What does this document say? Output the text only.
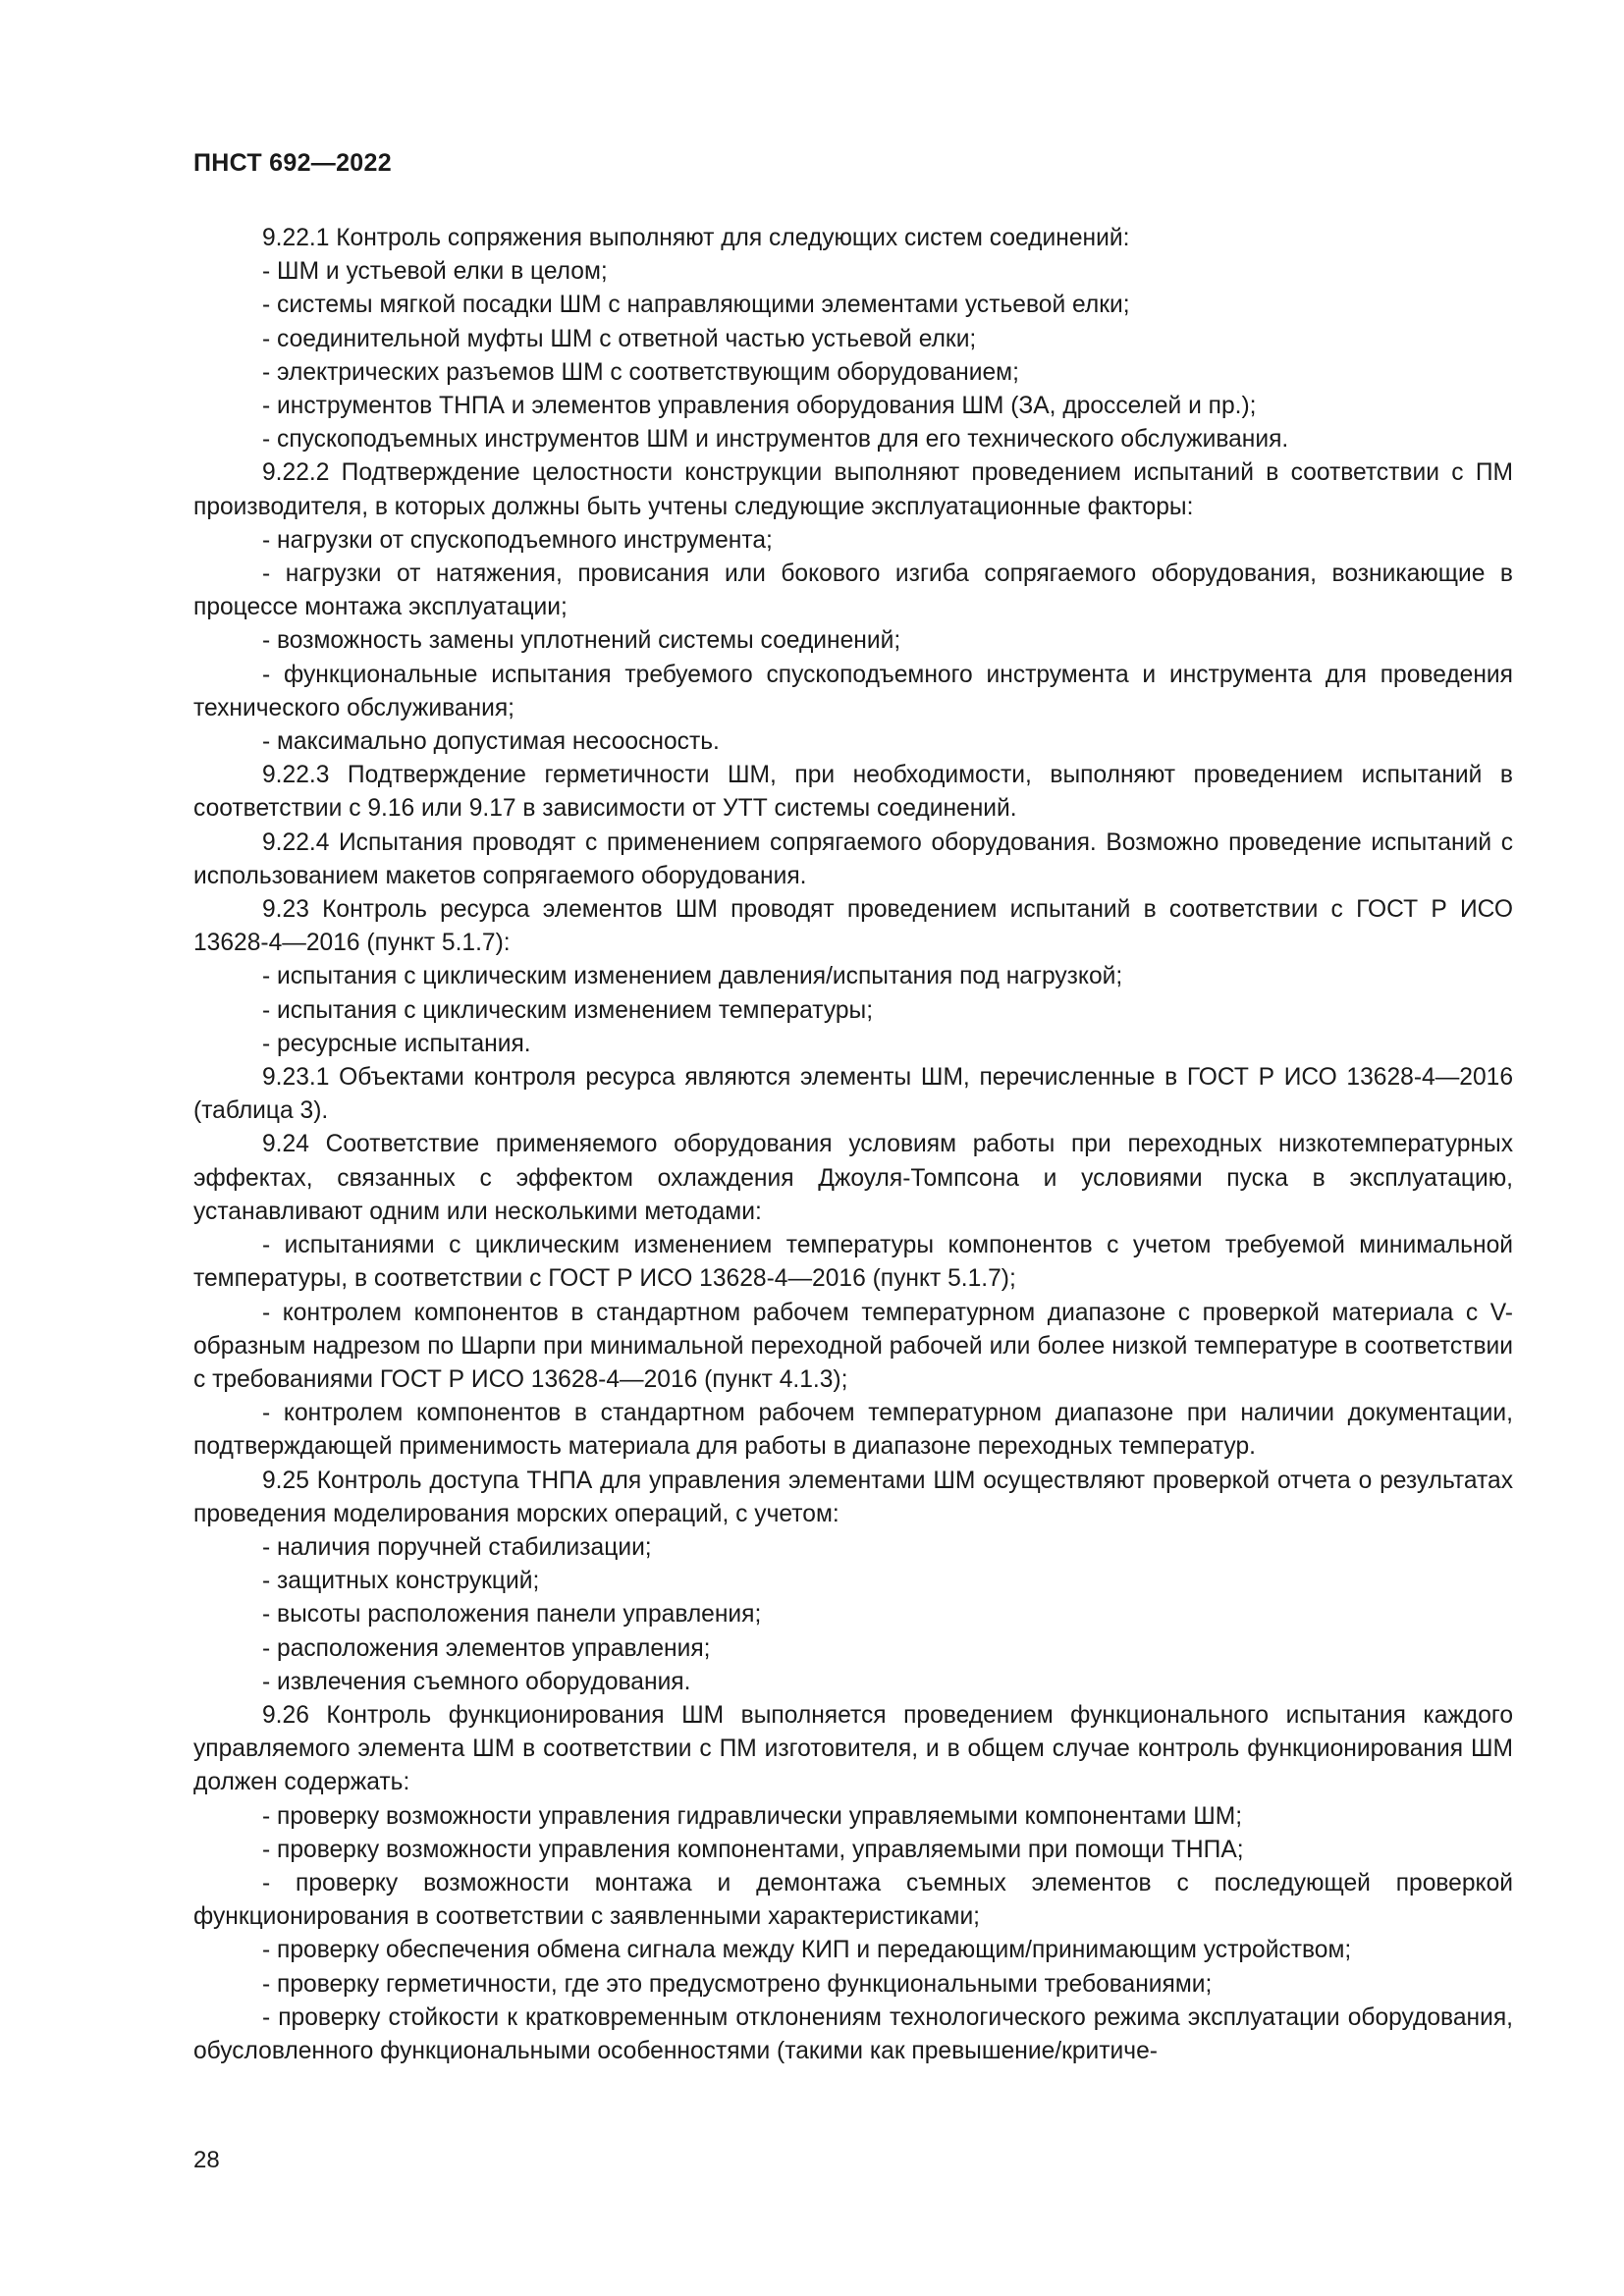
ПНСТ 692—2022

9.22.1 Контроль сопряжения выполняют для следующих систем соединений:

- ШМ и устьевой елки в целом;

- системы мягкой посадки ШМ с направляющими элементами устьевой елки;

- соединительной муфты ШМ с ответной частью устьевой елки;

- электрических разъемов ШМ с соответствующим оборудованием;

- инструментов ТНПА и элементов управления оборудования ШМ (ЗА, дросселей и пр.);

- спускоподъемных инструментов ШМ и инструментов для его технического обслуживания.

9.22.2 Подтверждение целостности конструкции выполняют проведением испытаний в соответствии с ПМ производителя, в которых должны быть учтены следующие эксплуатационные факторы:

- нагрузки от спускоподъемного инструмента;

- нагрузки от натяжения, провисания или бокового изгиба сопрягаемого оборудования, возникающие в процессе монтажа эксплуатации;

- возможность замены уплотнений системы соединений;

- функциональные испытания требуемого спускоподъемного инструмента и инструмента для проведения технического обслуживания;

- максимально допустимая несоосность.

9.22.3 Подтверждение герметичности ШМ, при необходимости, выполняют проведением испытаний в соответствии с 9.16 или 9.17 в зависимости от УТТ системы соединений.

9.22.4 Испытания проводят с применением сопрягаемого оборудования. Возможно проведение испытаний с использованием макетов сопрягаемого оборудования.

9.23 Контроль ресурса элементов ШМ проводят проведением испытаний в соответствии с ГОСТ Р ИСО 13628-4—2016 (пункт 5.1.7):

- испытания с циклическим изменением давления/испытания под нагрузкой;

- испытания с циклическим изменением температуры;

- ресурсные испытания.

9.23.1 Объектами контроля ресурса являются элементы ШМ, перечисленные в ГОСТ Р ИСО 13628-4—2016 (таблица 3).

9.24 Соответствие применяемого оборудования условиям работы при переходных низкотемпературных эффектах, связанных с эффектом охлаждения Джоуля-Томпсона и условиями пуска в эксплуатацию, устанавливают одним или несколькими методами:

- испытаниями с циклическим изменением температуры компонентов с учетом требуемой минимальной температуры, в соответствии с ГОСТ Р ИСО 13628-4—2016 (пункт 5.1.7);

- контролем компонентов в стандартном рабочем температурном диапазоне с проверкой материала с V-образным надрезом по Шарпи при минимальной переходной рабочей или более низкой температуре в соответствии с требованиями ГОСТ Р ИСО 13628-4—2016 (пункт 4.1.3);

- контролем компонентов в стандартном рабочем температурном диапазоне при наличии документации, подтверждающей применимость материала для работы в диапазоне переходных температур.

9.25 Контроль доступа ТНПА для управления элементами ШМ осуществляют проверкой отчета о результатах проведения моделирования морских операций, с учетом:

- наличия поручней стабилизации;

- защитных конструкций;

- высоты расположения панели управления;

- расположения элементов управления;

- извлечения съемного оборудования.

9.26 Контроль функционирования ШМ выполняется проведением функционального испытания каждого управляемого элемента ШМ в соответствии с ПМ изготовителя, и в общем случае контроль функционирования ШМ должен содержать:

- проверку возможности управления гидравлически управляемыми компонентами ШМ;

- проверку возможности управления компонентами, управляемыми при помощи ТНПА;

- проверку возможности монтажа и демонтажа съемных элементов с последующей проверкой функционирования в соответствии с заявленными характеристиками;

- проверку обеспечения обмена сигнала между КИП и передающим/принимающим устройством;

- проверку герметичности, где это предусмотрено функциональными требованиями;

- проверку стойкости к кратковременным отклонениям технологического режима эксплуатации оборудования, обусловленного функциональными особенностями (такими как превышение/критиче-

28
